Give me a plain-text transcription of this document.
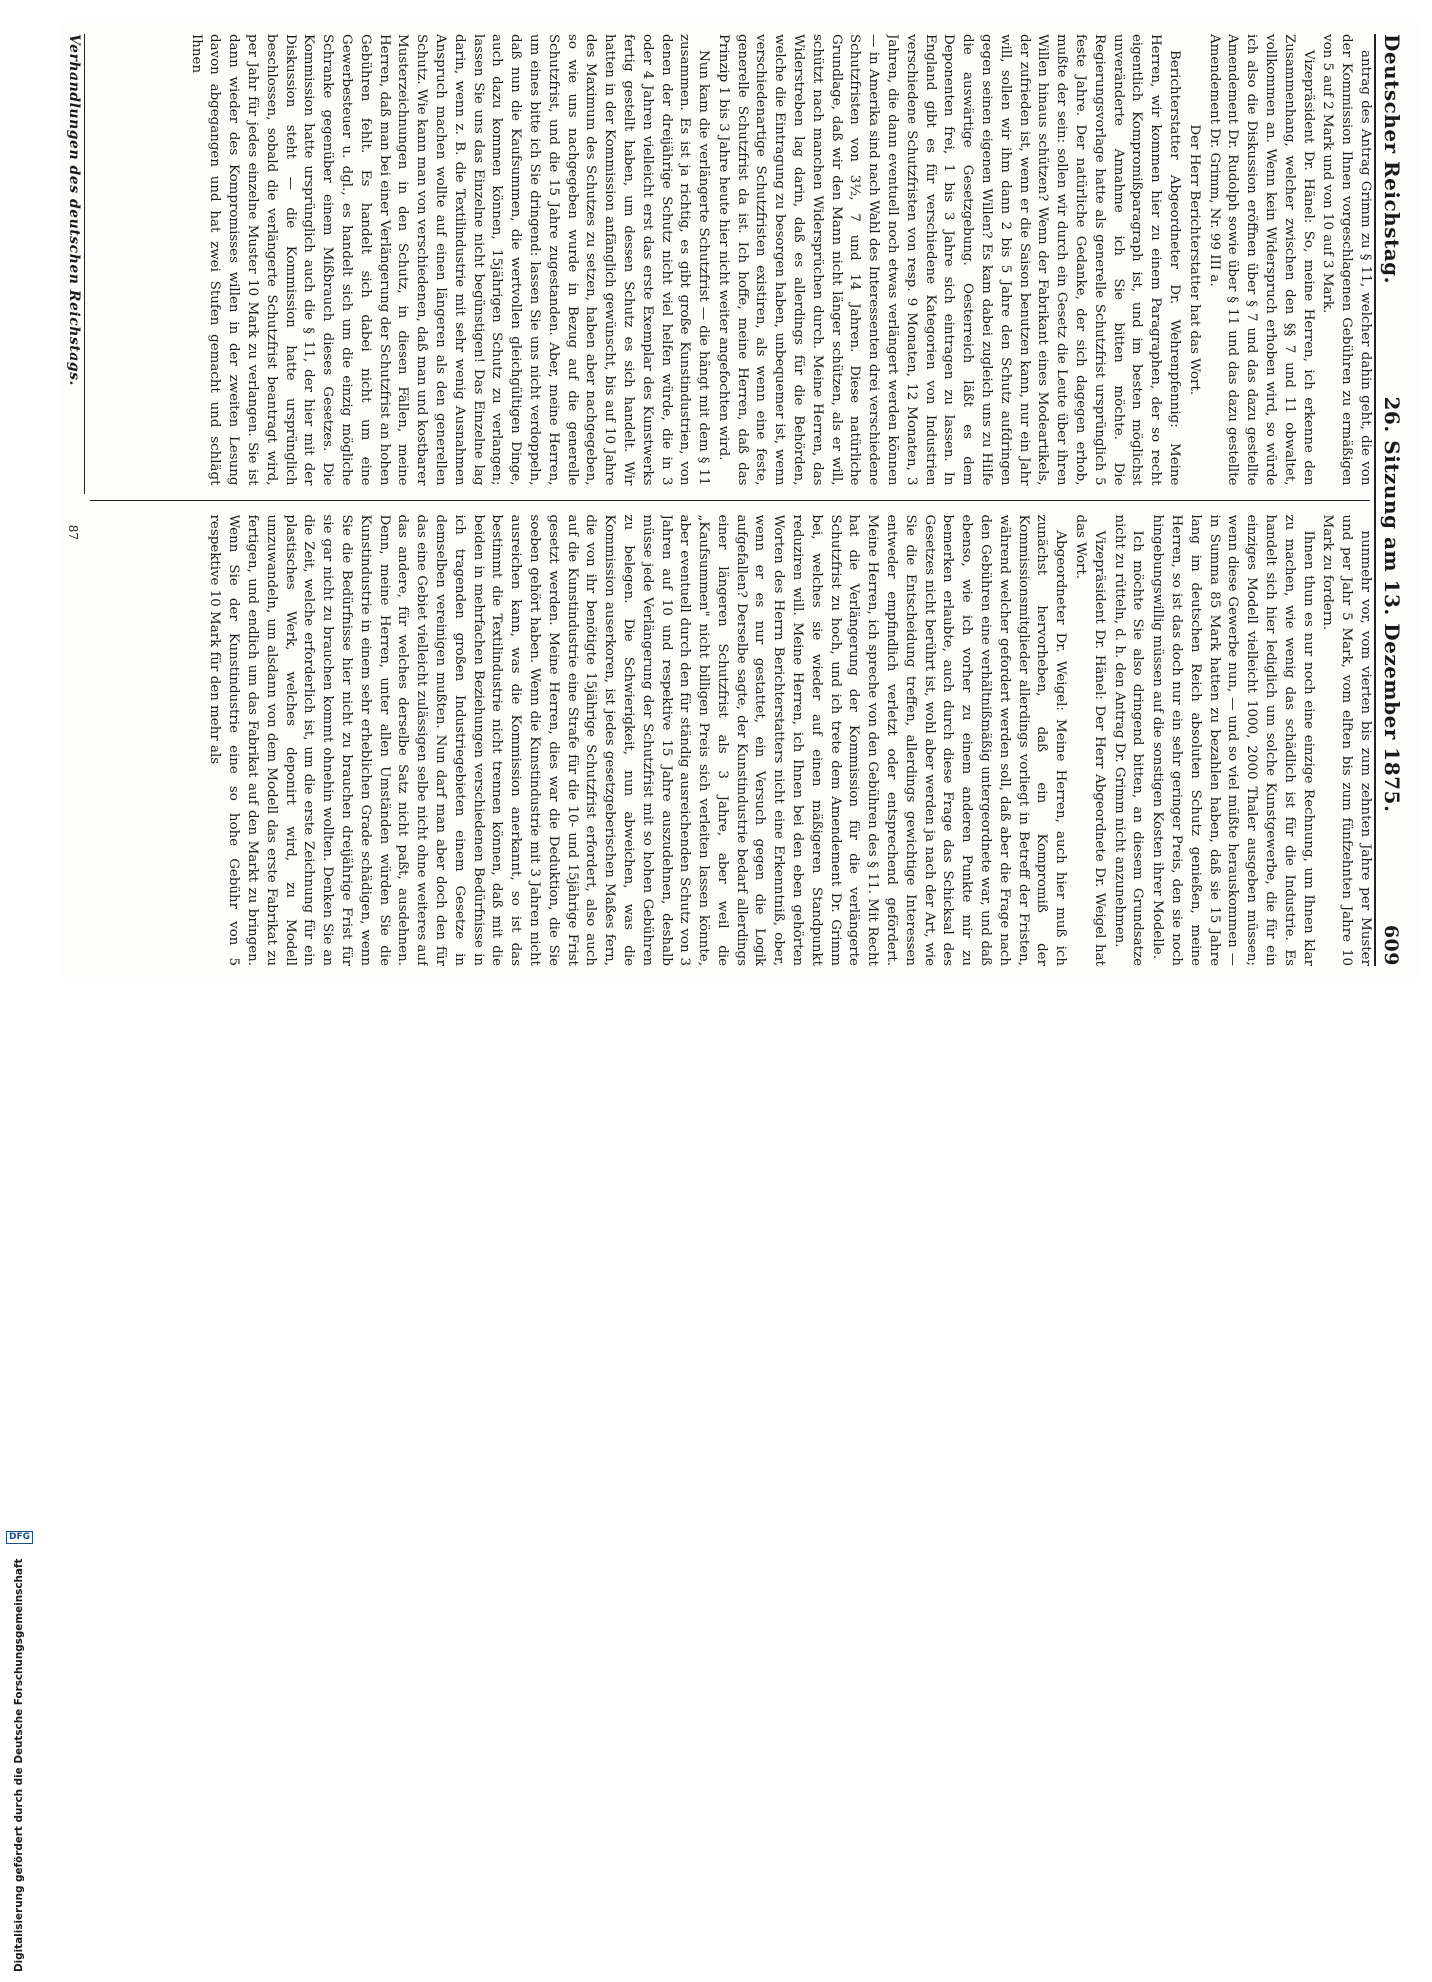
Deutscher Reichstag.
26. Sitzung am 13. Dezember 1875.
609

antrag des Antrag Grimm zu § 11, welcher dahin geht, die von der Kommission Ihnen vorgeschlagenen Gebühren zu ermäßigen von 5 auf 2 Mark und von 10 auf 3 Mark.

Vizepräsident Dr. Hänel: So, meine Herren, ich erkenne den Zusammenhang, welcher zwischen den §§ 7 und 11 obwaltet, vollkommen an. Wenn kein Widerspruch erhoben wird, so würde ich also die Diskussion eröffnen über § 7 und das dazu gestellte Amendement Dr. Rudolph sowie über § 11 und das dazu gestellte Amendement Dr. Grimm, Nr. 99 III a.

Der Herr Berichterstatter hat das Wort.

Berichterstatter Abgeordneter Dr. Wehrenpfennig: Meine Herren, wir kommen hier zu einem Paragraphen, der so recht eigentlich Kompromißparagraph ist, und im besten möglichst unveränderte Annahme ich Sie bitten möchte. Die Regierungsvorlage hatte als generelle Schutzfrist ursprünglich 5 feste Jahre. Der natürliche Gedanke, der sich dagegen erhob, mußte der sein: sollen wir durch ein Gesetz die Leute über ihren Willen hinaus schützen? Wenn der Fabrikant eines Modeartikels, der zufrieden ist, wenn er die Saison benutzen kann, nur ein Jahr will, sollen wir ihm dann 2 bis 5 Jahre den Schutz aufdringen gegen seinen eigenen Willen? Es kam dabei zugleich uns zu Hilfe die auswärtige Gesetzgebung. Oesterreich läßt es dem Deponenten frei, 1 bis 3 Jahre sich eintragen zu lassen. In England gibt es für verschiedene Kategorien von Industrien verschiedene Schutzfristen von resp. 9 Monaten, 12 Monaten, 3 Jahren, die dann eventuell noch etwas verlängert werden können — in Amerika sind nach Wahl des Interessenten drei verschiedene Schutzfristen von 3½, 7 und 14 Jahren. Diese natürliche Grundlage, daß wir den Mann nicht länger schützen, als er will, schützt nach manchen Widersprüchen durch. Meine Herren, das Widerstreben lag darin, daß es allerdings für die Behörden, welche die Eintragung zu besorgen haben, unbequemer ist, wenn verschiedenartige Schutzfristen existiren, als wenn eine feste, generelle Schutzfrist da ist. Ich hoffe, meine Herren, daß das Prinzip 1 bis 3 Jahre heute hier nicht weiter angefochten wird.

Nun kam die verlängerte Schutzfrist — die hängt mit dem § 11 zusammen. Es ist ja richtig, es gibt große Kunstindustrien, von denen der dreijährige Schutz nicht viel helfen würde, die in 3 oder 4 Jahren vielleicht erst das erste Exemplar des Kunstwerks fertig gestellt haben, um dessen Schutz es sich handelt. Wir hatten in der Kommission anfänglich gewünscht, bis auf 10 Jahre des Maximum des Schutzes zu setzen, haben aber nachgegeben, so wie uns nachgegeben wurde in Bezug auf die generelle Schutzfrist, und die 15 Jahre zugestanden. Aber, meine Herren, um eines bitte ich Sie dringend: lassen Sie uns nicht verdoppeln, daß nun die Kaufsummen, die wertvollen gleichgültigen Dinge, auch dazu kommen können, 15jährigen Schutz zu verlangen; lassen Sie uns das Einzelne nicht begünstigen! Das Einzelne lag darin, wenn z. B. die Textilindustrie mit sehr wenig Ausnahmen Anspruch machen wollte auf einen längeren als den generellen Schutz. Wie kann man von verschiedenen, daß man und kostbarer Musterzeichnungen in den Schutz, in diesen Fällen, meine Herren, daß man bei einer Verlängerung der Schutzfrist an hohen Gebühren fehlt. Es handelt sich dabei nicht um eine Gewerbesteuer u. dgl., es handelt sich um die einzig mögliche Schranke gegenüber einem Mißbrauch dieses Gesetzes. Die Kommission hatte ursprünglich auch die § 11, der hier mit der Diskussion steht — die Kommission hatte ursprünglich beschlossen, sobald die verlängerte Schutzfrist beantragt wird, per Jahr für jedes einzelne Muster 10 Mark zu verlangen. Sie ist dann wieder des Kompromisses willen in der zweiten Lesung davon abgegangen und hat zwei Stufen gemacht und schlägt Ihnen

nunmehr vor, vom vierten bis zum zehnten Jahre per Muster und per Jahr 5 Mark, vom elften bis zum fünfzehnten Jahre 10 Mark zu fordern.

Ihnen thun es nur noch eine einzige Rechnung, um Ihnen klar zu machen, wie wenig das schädlich ist für die Industrie. Es handelt sich hier lediglich um solche Kunstgewerbe, die für ein einziges Modell vielleicht 1000, 2000 Thaler ausgeben müssen; wenn diese Gewerbe nun, — und so viel müßte herauskommen — in Summa 85 Mark hatten zu bezahlen haben, daß sie 15 Jahre lang im deutschen Reich absoluten Schutz genießen, meine Herren, so ist das doch nur ein sehr geringer Preis, den sie noch hingebungswillig müssen auf die sonstigen Kosten ihrer Modelle.

Ich möchte Sie also dringend bitten, an diesem Grundsatze nicht zu rütteln, d. h. den Antrag Dr. Grimm nicht anzunehmen.

Vizepräsident Dr. Hänel: Der Herr Abgeordnete Dr. Weigel hat das Wort.

Abgeordneter Dr. Weigel: Meine Herren, auch hier muß ich zunächst hervorheben, daß ein Kompromiß der Kommissionsmitglieder allerdings vorliegt in Betreff der Fristen, während welcher gefordert werden soll, daß aber die Frage nach den Gebühren eine verhältnißmäßig untergeordnete war, und daß ebenso, wie ich vorher zu einem anderen Punkte mir zu bemerken erlaubte, auch durch diese Frage das Schicksal des Gesetzes nicht berührt ist, wohl aber werden ja nach der Art, wie Sie die Entscheidung treffen, allerdings gewichtige Interessen entweder empfindlich verletzt oder entsprechend gefördert. Meine Herren, ich spreche von den Gebühren des § 11. Mit Recht hat die Verlängerung der Kommission für die verlängerte Schutzfrist zu hoch, und ich trete dem Amendement Dr. Grimm bei, welches sie wieder auf einen mäßigeren Standpunkt reduziren will. Meine Herren, ich Ihnen bei den eben gehörten Worten des Herrn Berichterstatters nicht eine Erkenntniß, ober, wenn er es nur gestattet, ein Versuch gegen die Logik aufgefallen? Derselbe sagte, der Kunstindustrie bedarf allerdings einer längeren Schutzfrist als 3 Jahre, aber weil die „Kaufsummen" nicht billigen Preis sich verleiten lassen könnte, aber eventuell durch den für ständig ausreichenden Schutz von 3 Jahren auf 10 und respektive 15 Jahre auszudehnen, deshalb müsse jede Verlängerung der Schutzfrist mit so hohen Gebühren zu belegen. Die Schwierigkeit, nun abweichen, was die Kommission auserkoren, ist jedes gesetzgeberischen Maßes fern, die von ihr benötigte 15jährige Schutzfrist erfordert, also auch auf die Kunstindustrie eine Strafe für die 10- und 15jährige Frist gesetzt werden. Meine Herren, dies war die Deduktion, die Sie soeben gehört haben. Wenn die Kunstindustrie mit 3 Jahren nicht ausreichen kann, was die Kommission anerkannt, so ist das bestimmt die Textilindustrie nicht trennen können, daß mit die beiden in mehrfachen Beziehungen verschiedenen Bedürfnisse in ich tragenden großen Industriegebieten einem Gesetze in demselben vereinigen mußten. Nun darf man aber doch den für das eine Gebiet vielleicht zulässigen selbe nicht ohne weiteres auf das andere, für welches derselbe Satz nicht paßt, ausdehnen. Denn, meine Herren, unter allen Umständen würden Sie die Kunstindustrie in einem sehr erheblichen Grade schädigen, wenn Sie die Bedürfnisse hier nicht zu brauchen dreijährige Frist für sie gar nicht zu brauchen kommt ohnehin wollten. Denken Sie an die Zeit, welche erforderlich ist, um die erste Zeichnung für ein plastisches Werk, welches deponirt wird, zu Modell umzuwandeln, um alsdann von dem Modell das erste Fabrikat zu fertigen, und endlich um das Fabrikat auf den Markt zu bringen. Wenn Sie der Kunstindustrie eine so hohe Gebühr von 5 respektive 10 Mark für den mehr als

Verhandlungen des deutschen Reichstags.
87
Digitalisierung gefördert durch die Deutsche Forschungsgemeinschaft
DFG
